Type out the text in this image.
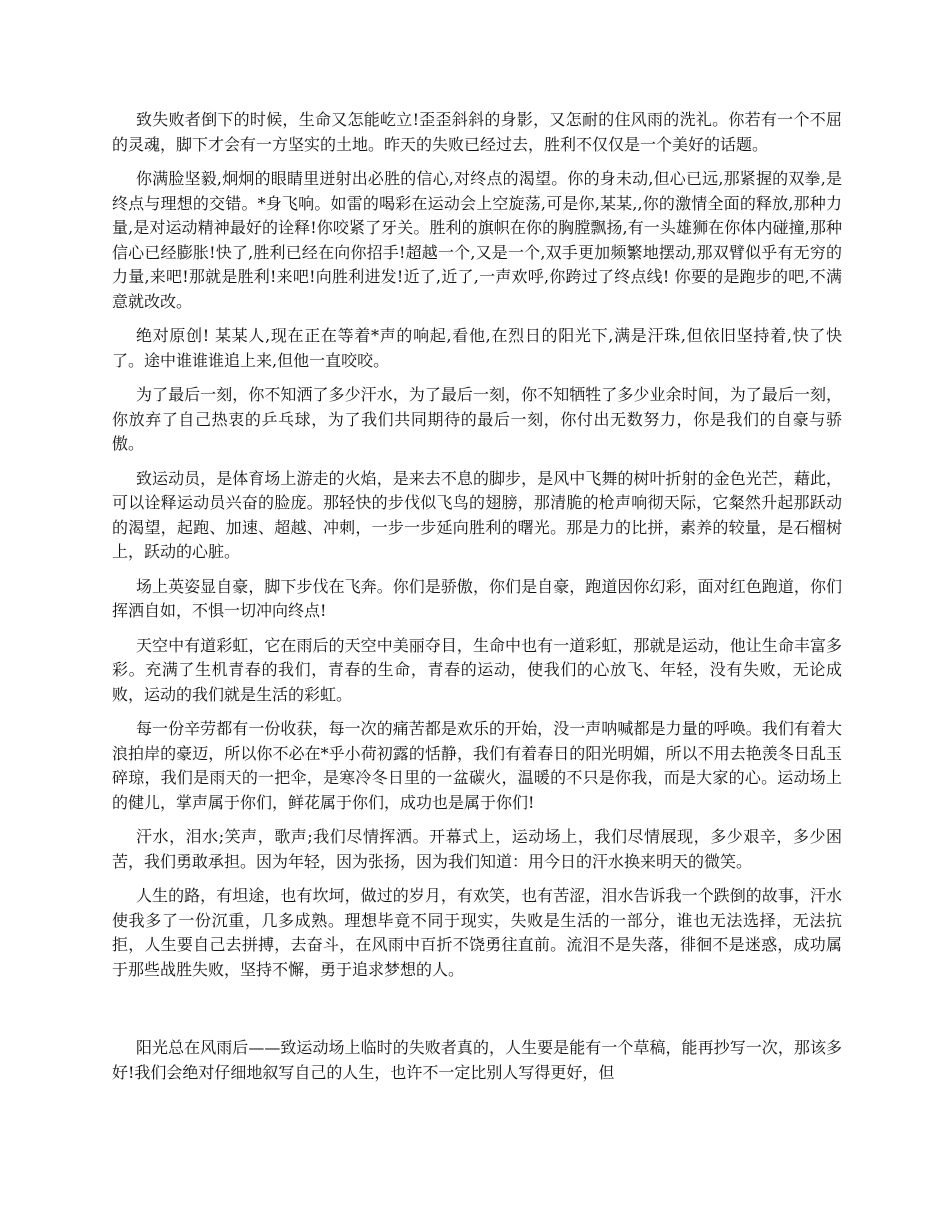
致失败者倒下的时候，生命又怎能屹立!歪歪斜斜的身影，又怎耐的住风雨的洗礼。你若有一个不屈的灵魂，脚下才会有一方坚实的土地。昨天的失败已经过去，胜利不仅仅是一个美好的话题。

你满脸坚毅,炯炯的眼睛里迸射出必胜的信心,对终点的渴望。你的身未动,但心已远,那紧握的双拳,是终点与理想的交错。*身飞响。如雷的喝彩在运动会上空旋荡,可是你,某某,,你的激情全面的释放,那种力量,是对运动精神最好的诠释!你咬紧了牙关。胜利的旗帜在你的胸膛飘扬,有一头雄狮在你体内碰撞,那种信心已经膨胀!快了,胜利已经在向你招手!超越一个,又是一个,双手更加频繁地摆动,那双臂似乎有无穷的力量,来吧!那就是胜利!来吧!向胜利进发!近了,近了,一声欢呼,你跨过了终点线! 你要的是跑步的吧,不满意就改改。

绝对原创! 某某人,现在正在等着*声的响起,看他,在烈日的阳光下,满是汗珠,但依旧坚持着,快了快了。途中谁谁谁追上来,但他一直咬咬。

为了最后一刻，你不知洒了多少汗水，为了最后一刻，你不知牺牲了多少业余时间，为了最后一刻，你放弃了自己热衷的乒乓球，为了我们共同期待的最后一刻，你付出无数努力，你是我们的自豪与骄傲。

致运动员，是体育场上游走的火焰，是来去不息的脚步，是风中飞舞的树叶折射的金色光芒，藉此，可以诠释运动员兴奋的脸庞。那轻快的步伐似飞鸟的翅膀，那清脆的枪声响彻天际，它粲然升起那跃动的渴望，起跑、加速、超越、冲刺，一步一步延向胜利的曙光。那是力的比拼，素养的较量，是石榴树上，跃动的心脏。

场上英姿显自豪，脚下步伐在飞奔。你们是骄傲，你们是自豪，跑道因你幻彩，面对红色跑道，你们挥洒自如，不惧一切冲向终点!

天空中有道彩虹，它在雨后的天空中美丽夺目，生命中也有一道彩虹，那就是运动，他让生命丰富多彩。充满了生机青春的我们，青春的生命，青春的运动，使我们的心放飞、年轻，没有失败，无论成败，运动的我们就是生活的彩虹。

每一份辛劳都有一份收获，每一次的痛苦都是欢乐的开始，没一声呐喊都是力量的呼唤。我们有着大浪拍岸的豪迈，所以你不必在*乎小荷初露的恬静，我们有着春日的阳光明媚，所以不用去艳羡冬日乱玉碎琼，我们是雨天的一把伞，是寒冷冬日里的一盆碳火，温暖的不只是你我，而是大家的心。运动场上的健儿，掌声属于你们，鲜花属于你们，成功也是属于你们!

汗水，泪水;笑声，歌声;我们尽情挥洒。开幕式上，运动场上，我们尽情展现，多少艰辛，多少困苦，我们勇敢承担。因为年轻，因为张扬，因为我们知道：用今日的汗水换来明天的微笑。

人生的路，有坦途，也有坎坷，做过的岁月，有欢笑，也有苦涩，泪水告诉我一个跌倒的故事，汗水使我多了一份沉重，几多成熟。理想毕竟不同于现实，失败是生活的一部分，谁也无法选择，无法抗拒，人生要自己去拼搏，去奋斗，在风雨中百折不饶勇往直前。流泪不是失落，徘徊不是迷惑，成功属于那些战胜失败，坚持不懈，勇于追求梦想的人。

阳光总在风雨后——致运动场上临时的失败者真的，人生要是能有一个草稿，能再抄写一次，那该多好!我们会绝对仔细地叙写自己的人生，也许不一定比别人写得更好，但
